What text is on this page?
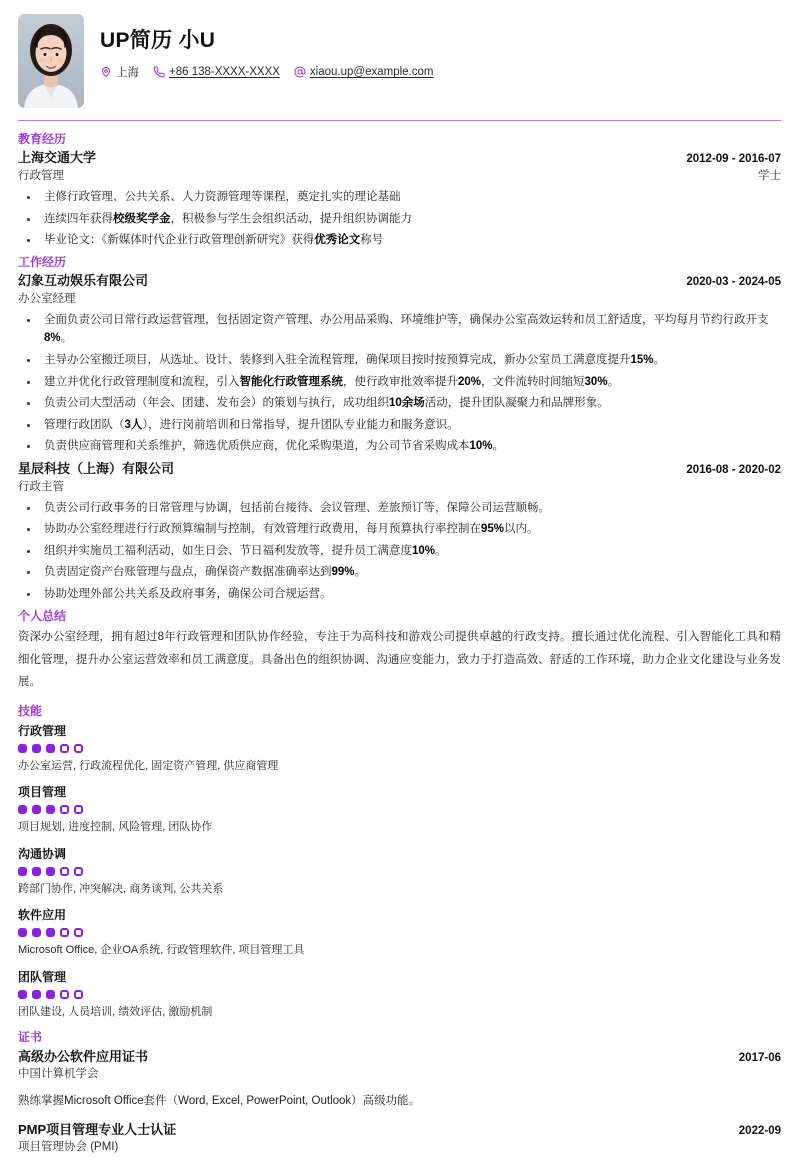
UP简历 小U
上海	+86 138-XXXX-XXXX	xiaou.up@example.com
教育经历
上海交通大学	2012-09 - 2016-07
行政管理	学士
主修行政管理、公共关系、人力资源管理等课程，奠定扎实的理论基础
连续四年获得校级奖学金，积极参与学生会组织活动，提升组织协调能力
毕业论文：《新媒体时代企业行政管理创新研究》获得优秀论文称号
工作经历
幻象互动娱乐有限公司	2020-03 - 2024-05
办公室经理
全面负责公司日常行政运营管理，包括固定资产管理、办公用品采购、环境维护等，确保办公室高效运转和员工舒适度，平均每月节约行政开支8%。
主导办公室搬迁项目，从选址、设计、装修到入驻全流程管理，确保项目按时按预算完成，新办公室员工满意度提升15%。
建立并优化行政管理制度和流程，引入智能化行政管理系统，使行政审批效率提升20%，文件流转时间缩短30%。
负责公司大型活动（年会、团建、发布会）的策划与执行，成功组织10余场活动，提升团队凝聚力和品牌形象。
管理行政团队（3人），进行岗前培训和日常指导，提升团队专业能力和服务意识。
负责供应商管理和关系维护，筛选优质供应商，优化采购渠道，为公司节省采购成本10%。
星辰科技（上海）有限公司	2016-08 - 2020-02
行政主管
负责公司行政事务的日常管理与协调，包括前台接待、会议管理、差旅预订等，保障公司运营顺畅。
协助办公室经理进行行政预算编制与控制，有效管理行政费用，每月预算执行率控制在95%以内。
组织并实施员工福利活动，如生日会、节日福利发放等，提升员工满意度10%。
负责固定资产台账管理与盘点，确保资产数据准确率达到99%。
协助处理外部公共关系及政府事务，确保公司合规运营。
个人总结
资深办公室经理，拥有超过8年行政管理和团队协作经验，专注于为高科技和游戏公司提供卓越的行政支持。擅长通过优化流程、引入智能化工具和精细化管理，提升办公室运营效率和员工满意度。具备出色的组织协调、沟通应变能力，致力于打造高效、舒适的工作环境，助力企业文化建设与业务发展。
技能
行政管理
办公室运营, 行政流程优化, 固定资产管理, 供应商管理
项目管理
项目规划, 进度控制, 风险管理, 团队协作
沟通协调
跨部门协作, 冲突解决, 商务谈判, 公共关系
软件应用
Microsoft Office, 企业OA系统, 行政管理软件, 项目管理工具
团队管理
团队建设, 人员培训, 绩效评估, 激励机制
证书
高级办公软件应用证书	2017-06
中国计算机学会
熟练掌握Microsoft Office套件（Word, Excel, PowerPoint, Outlook）高级功能。
PMP项目管理专业人士认证	2022-09
项目管理协会 (PMI)
